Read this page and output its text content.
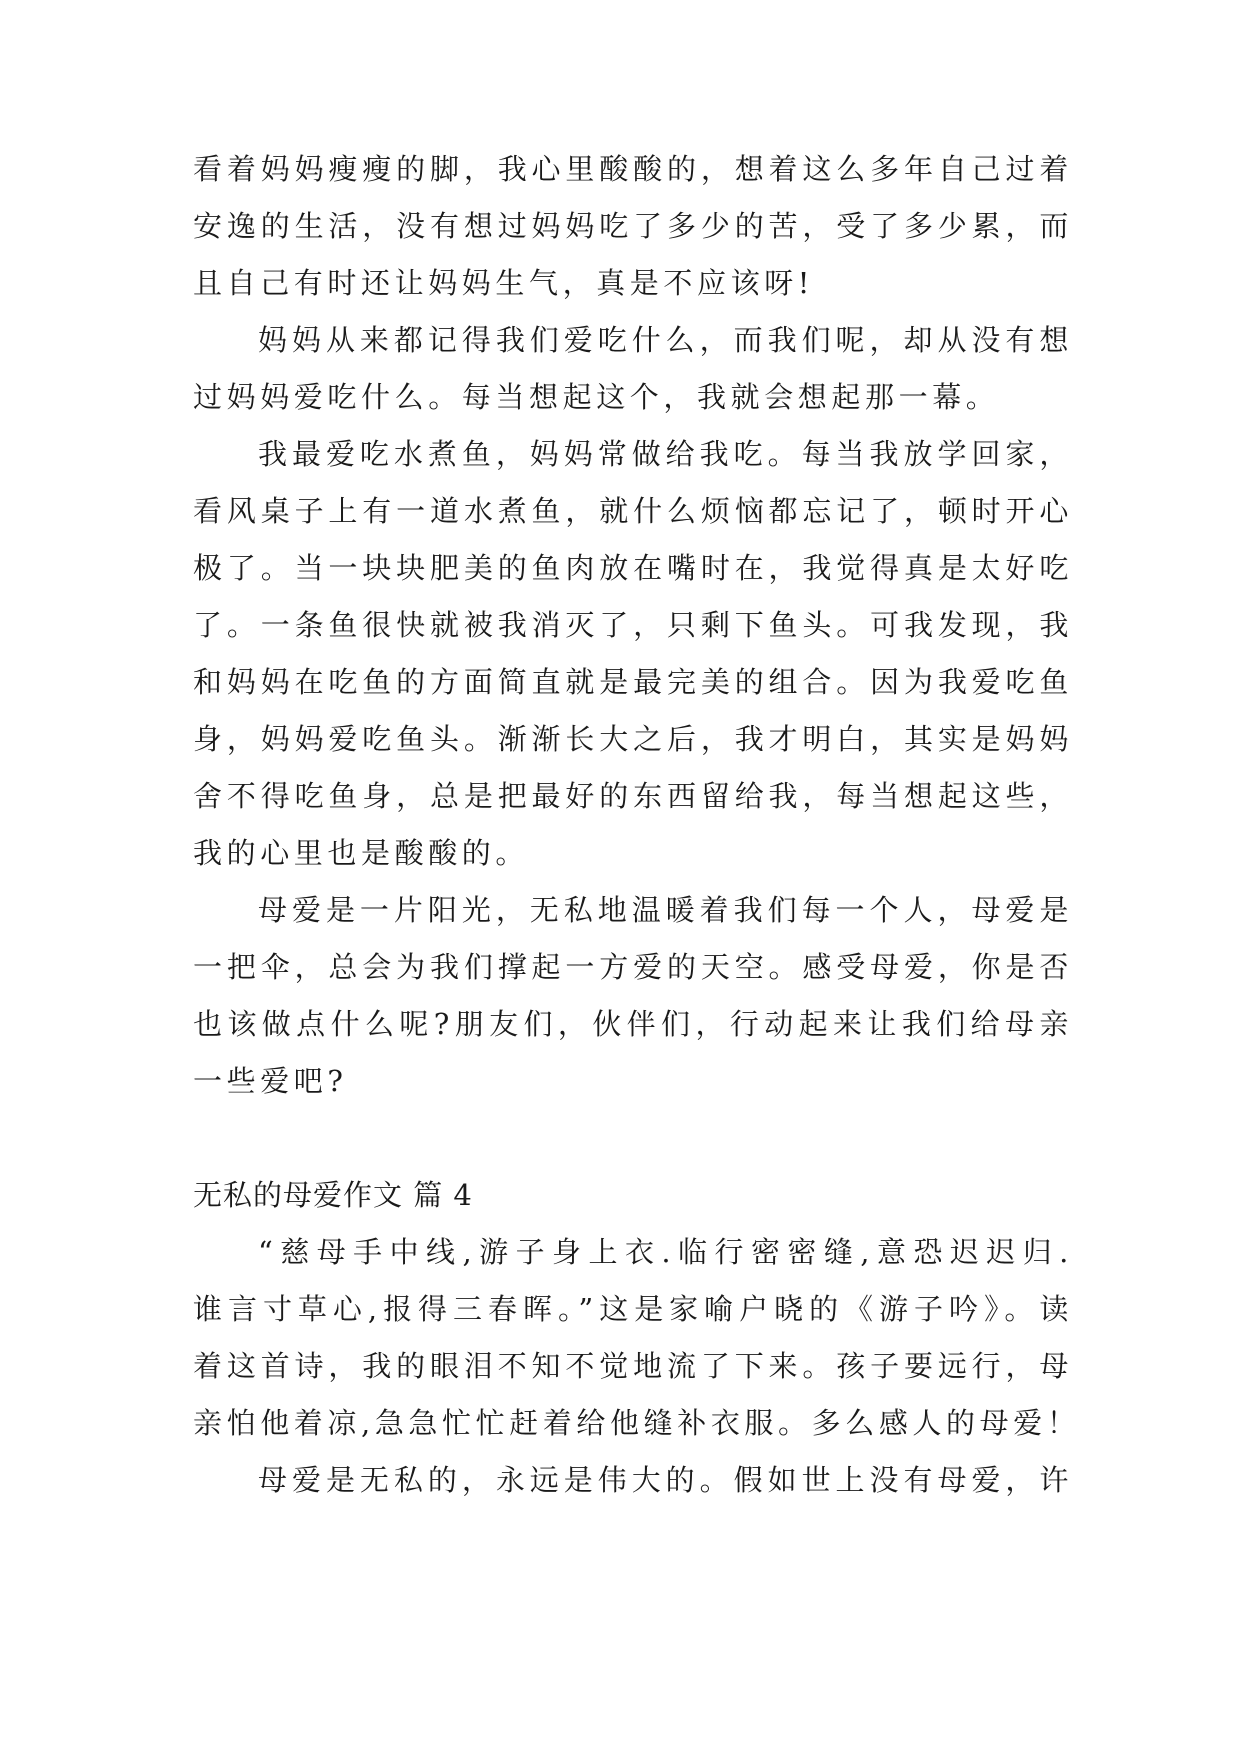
看着妈妈瘦瘦的脚，我心里酸酸的，想着这么多年自己过着
安逸的生活，没有想过妈妈吃了多少的苦，受了多少累，而
且自己有时还让妈妈生气，真是不应该呀!
妈妈从来都记得我们爱吃什么，而我们呢，却从没有想
过妈妈爱吃什么。每当想起这个，我就会想起那一幕。
我最爱吃水煮鱼，妈妈常做给我吃。每当我放学回家，
看风桌子上有一道水煮鱼，就什么烦恼都忘记了，顿时开心
极了。当一块块肥美的鱼肉放在嘴时在，我觉得真是太好吃
了。一条鱼很快就被我消灭了，只剩下鱼头。可我发现，我
和妈妈在吃鱼的方面简直就是最完美的组合。因为我爱吃鱼
身，妈妈爱吃鱼头。渐渐长大之后，我才明白，其实是妈妈
舍不得吃鱼身，总是把最好的东西留给我，每当想起这些，
我的心里也是酸酸的。
母爱是一片阳光，无私地温暖着我们每一个人，母爱是
一把伞，总会为我们撑起一方爱的天空。感受母爱，你是否
也该做点什么呢?朋友们，伙伴们，行动起来让我们给母亲
一些爱吧?
无私的母爱作文 篇 4
“慈母手中线,游子身上衣.临行密密缝,意恐迟迟归.
谁言寸草心,报得三春晖。”这是家喻户晓的《游子吟》。读
着这首诗，我的眼泪不知不觉地流了下来。孩子要远行，母
亲怕他着凉,急急忙忙赶着给他缝补衣服。多么感人的母爱！
母爱是无私的，永远是伟大的。假如世上没有母爱，许
